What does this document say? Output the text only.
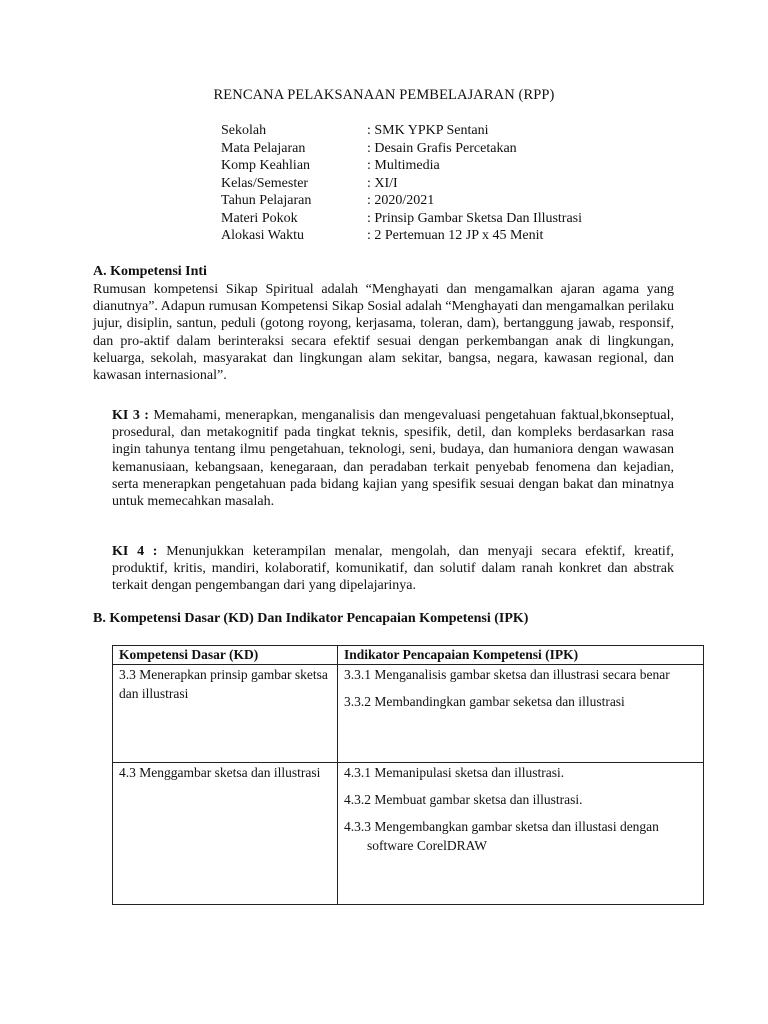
RENCANA PELAKSANAAN PEMBELAJARAN (RPP)
Sekolah	: SMK YPKP Sentani
Mata Pelajaran	: Desain Grafis Percetakan
Komp Keahlian	: Multimedia
Kelas/Semester	: XI/I
Tahun Pelajaran	: 2020/2021
Materi Pokok	: Prinsip Gambar Sketsa Dan Illustrasi
Alokasi Waktu	: 2 Pertemuan 12 JP x 45 Menit
A. Kompetensi Inti
Rumusan kompetensi Sikap Spiritual adalah “Menghayati dan mengamalkan ajaran agama yang dianutnya”. Adapun rumusan Kompetensi Sikap Sosial adalah “Menghayati dan mengamalkan perilaku jujur, disiplin, santun, peduli (gotong royong, kerjasama, toleran, dam), bertanggung jawab, responsif, dan pro-aktif dalam berinteraksi secara efektif sesuai dengan perkembangan anak di lingkungan, keluarga, sekolah, masyarakat dan lingkungan alam sekitar, bangsa, negara, kawasan regional, dan kawasan internasional”.
KI 3 : Memahami, menerapkan, menganalisis dan mengevaluasi pengetahuan faktual,bkonseptual, prosedural, dan metakognitif pada tingkat teknis, spesifik, detil, dan kompleks berdasarkan rasa ingin tahunya tentang ilmu pengetahuan, teknologi, seni, budaya, dan humaniora dengan wawasan kemanusiaan, kebangsaan, kenegaraan, dan peradaban terkait penyebab fenomena dan kejadian, serta menerapkan pengetahuan pada bidang kajian yang spesifik sesuai dengan bakat dan minatnya untuk memecahkan masalah.
KI 4 : Menunjukkan keterampilan menalar, mengolah, dan menyaji secara efektif, kreatif, produktif, kritis, mandiri, kolaboratif, komunikatif, dan solutif dalam ranah konkret dan abstrak terkait dengan pengembangan dari yang dipelajarinya.
B. Kompetensi Dasar (KD) Dan Indikator Pencapaian Kompetensi (IPK)
Kompetensi Dasar (KD)	Indikator Pencapaian Kompetensi (IPK)
3.3 Menerapkan prinsip gambar sketsa dan illustrasi	3.3.1 Menganalisis gambar sketsa dan illustrasi secara benar
3.3.2 Membandingkan gambar seketsa dan illustrasi

4.3 Menggambar sketsa dan illustrasi	4.3.1 Memanipulasi sketsa dan illustrasi.
4.3.2 Membuat gambar sketsa dan illustrasi.
4.3.3 Mengembangkan gambar sketsa dan illustasi dengan software CorelDRAW
